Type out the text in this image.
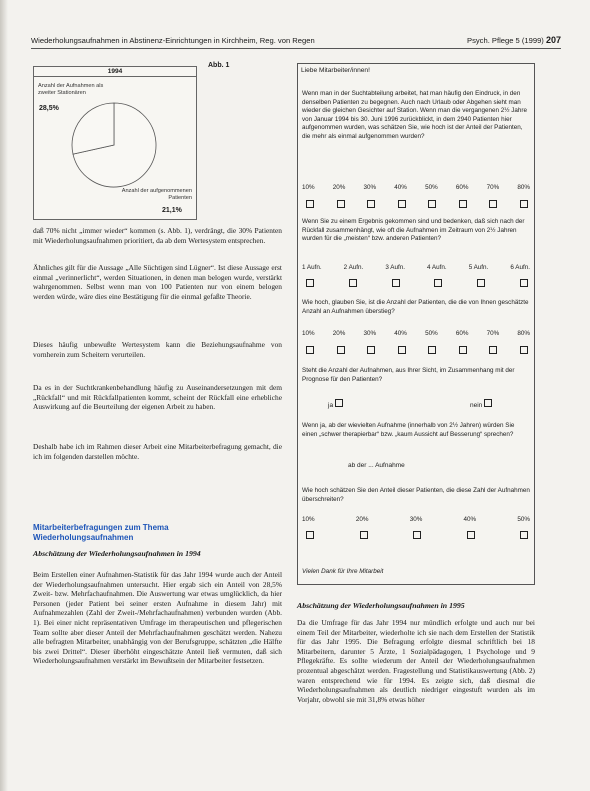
Wiederholungsaufnahmen in Abstinenz-Einrichtungen in Kirchheim, Reg. von Regen	Psych. Pflege 5 (1999) 207
Abb. 1
1994
Anzahl der Aufnahmen als zweiter Stationären
28,5%
Anzahl der aufgenommenen Patienten
21,1%

daß 70% nicht „immer wieder“ kommen (s. Abb. 1), verdrängt, die 30% Patienten mit Wiederholungsaufnahmen prioritiert, da ab dem Wertesystem entsprechen.

Ähnliches gilt für die Aussage „Alle Süchtigen sind Lügner“. Ist diese Aussage erst einmal „verinnerlicht“, werden Situationen, in denen man belogen wurde, verstärkt wahrgenommen. Selbst wenn man von 100 Patienten nur von einem belogen werden würde, wäre dies eine Bestätigung für die einmal gefaßte Theorie.

Dieses häufig unbewußte Wertesystem kann die Beziehungsaufnahme von vornherein zum Scheitern verurteilen.

Da es in der Suchtkrankenbehandlung häufig zu Auseinandersetzungen mit dem „Rückfall“ und mit Rückfallpatienten kommt, scheint der Rückfall eine erhebliche Auswirkung auf die Beurteilung der eigenen Arbeit zu haben.

Deshalb habe ich im Rahmen dieser Arbeit eine Mitarbeiterbefragung gemacht, die ich im folgenden darstellen möchte.

Mitarbeiterbefragungen zum Thema Wiederholungsaufnahmen
Abschätzung der Wiederholungsaufnahmen in 1994

Beim Erstellen einer Aufnahmen-Statistik für das Jahr 1994 wurde auch der Anteil der Wiederholungsaufnahmen untersucht. Hier ergab sich ein Anteil von 28,5% Zweit- bzw. Mehrfachaufnahmen. Die Auswertung war etwas umglücklich, da hier Personen (jeder Patient bei seiner ersten Aufnahme in diesem Jahr) mit Aufnahmezahlen (Zahl der Zweit-/Mehrfachaufnahmen) verbunden wurden (Abb. 1). Bei einer nicht repräsentativen Umfrage im therapeutischen und pflegerischen Team sollte aber dieser Anteil der Mehrfachaufnahmen geschätzt werden. Nahezu alle befragten Mitarbeiter, unabhängig von der Berufsgruppe, schätzten „die Hälfte bis zwei Drittel“. Dieser überhöht eingeschätzte Anteil ließ vermuten, daß sich Wiederholungsaufnahmen verstärkt im Bewußtsein der Mitarbeiter festsetzen.

Liebe Mitarbeiter/innen!

Wenn man in der Suchtabteilung arbeitet, hat man häufig den Eindruck, in den denselben Patienten zu begegnen. Auch nach Urlaub oder Abgehen sieht man wieder die gleichen Gesichter auf Station. Wenn man die vergangenen 2½ Jahre von Januar 1994 bis 30. Juni 1996 zurückblickt, in dem 2940 Patienten hier aufgenommen wurden, was schätzen Sie, wie hoch ist der Anteil der Patienten, die mehr als einmal aufgenommen wurden?

10%	20%	30%	40%	50%	60%	70%	80%

Wenn Sie zu einem Ergebnis gekommen sind und bedenken, daß sich nach der Rückfall zusammenhängt, wie oft die Aufnahmen im Zeitraum von 2½ Jahren wurden für die „meisten“ bzw. anderen Patienten?

1 Aufn.	2 Aufn.	3 Aufn.	4 Aufn.	5 Aufn.	6 Aufn.

Wie hoch, glauben Sie, ist die Anzahl der Patienten, die die von Ihnen geschätzte Anzahl an Aufnahmen überstieg?

10%	20%	30%	40%	50%	60%	70%	80%

Steht die Anzahl der Aufnahmen, aus Ihrer Sicht, im Zusammenhang mit der Prognose für den Patienten?

ja	nein

Wenn ja, ab der wievielten Aufnahme (innerhalb von 2½ Jahren) würden Sie einen „schwer therapierbar“ bzw. „kaum Aussicht auf Besserung“ sprechen?

ab der ... Aufnahme

Wie hoch schätzen Sie den Anteil dieser Patienten, die diese Zahl der Aufnahmen überschreiten?

10%	20%	30%	40%	50%
Vielen Dank für Ihre Mitarbeit
Abschätzung der Wiederholungsaufnahmen in 1995

Da die Umfrage für das Jahr 1994 nur mündlich erfolgte und auch nur bei einem Teil der Mitarbeiter, wiederholte ich sie nach dem Erstellen der Statistik für das Jahr 1995. Die Befragung erfolgte diesmal schriftlich bei 18 Mitarbeitern, darunter 5 Ärzte, 1 Sozialpädagogen, 1 Psychologe und 9 Pflegekräfte. Es sollte wiederum der Anteil der Wiederholungsaufnahmen prozentual abgeschätzt werden. Fragestellung und Statistikauswertung (Abb. 2) waren entsprechend wie für 1994. Es zeigte sich, daß diesmal die Wiederholungsaufnahmen als deutlich niedriger eingestuft wurden als im Vorjahr, obwohl sie mit 31,8% etwas höher
